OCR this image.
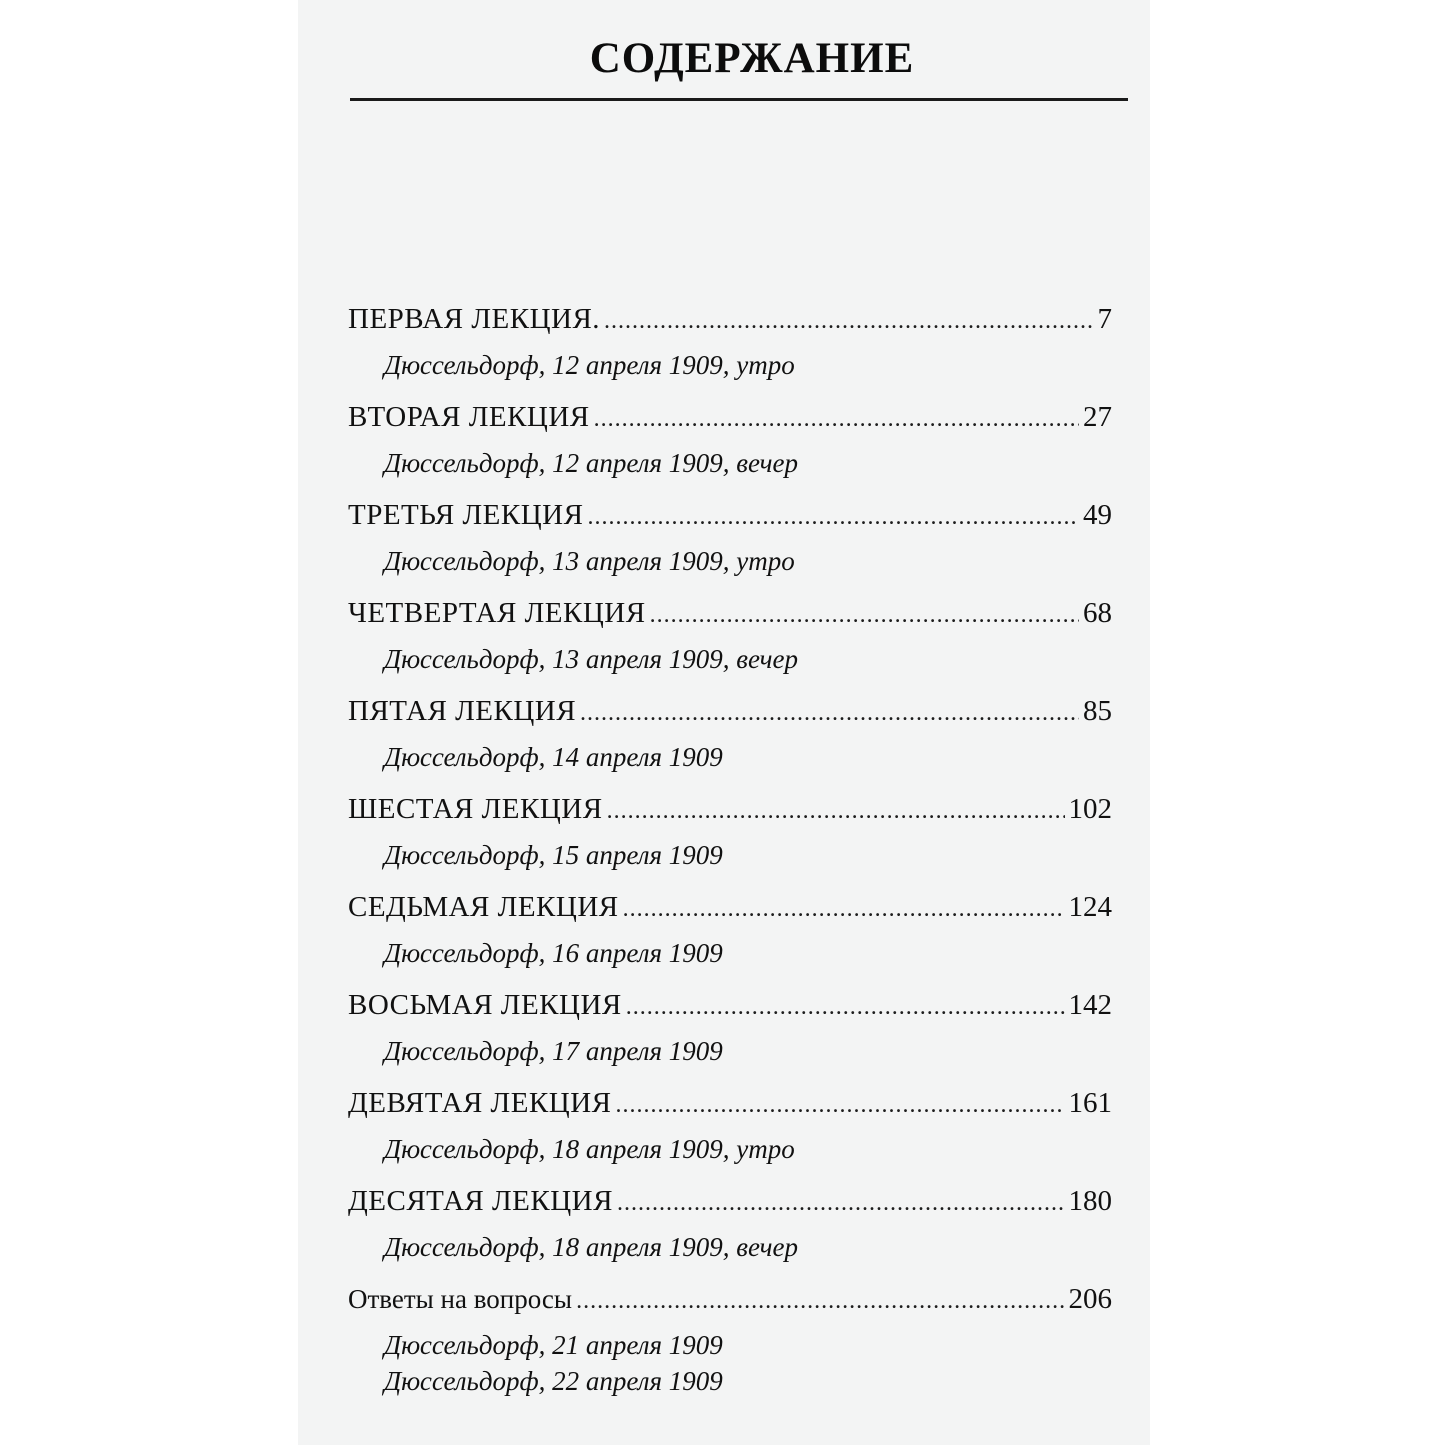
СОДЕРЖАНИЕ
ПЕРВАЯ ЛЕКЦИЯ. .....	7
Дюссельдорф, 12 апреля 1909, утро
ВТОРАЯ ЛЕКЦИЯ .....	27
Дюссельдорф, 12 апреля 1909, вечер
ТРЕТЬЯ ЛЕКЦИЯ .....	49
Дюссельдорф, 13 апреля 1909, утро
ЧЕТВЕРТАЯ ЛЕКЦИЯ .....	68
Дюссельдорф, 13 апреля 1909, вечер
ПЯТАЯ ЛЕКЦИЯ .....	85
Дюссельдорф, 14 апреля 1909
ШЕСТАЯ ЛЕКЦИЯ .....	102
Дюссельдорф, 15 апреля 1909
СЕДЬМАЯ ЛЕКЦИЯ .....	124
Дюссельдорф, 16 апреля 1909
ВОСЬМАЯ ЛЕКЦИЯ .....	142
Дюссельдорф, 17 апреля 1909
ДЕВЯТАЯ ЛЕКЦИЯ .....	161
Дюссельдорф, 18 апреля 1909, утро
ДЕСЯТАЯ ЛЕКЦИЯ .....	180
Дюссельдорф, 18 апреля 1909, вечер
Ответы на вопросы .....	206
Дюссельдорф, 21 апреля 1909
Дюссельдорф, 22 апреля 1909
